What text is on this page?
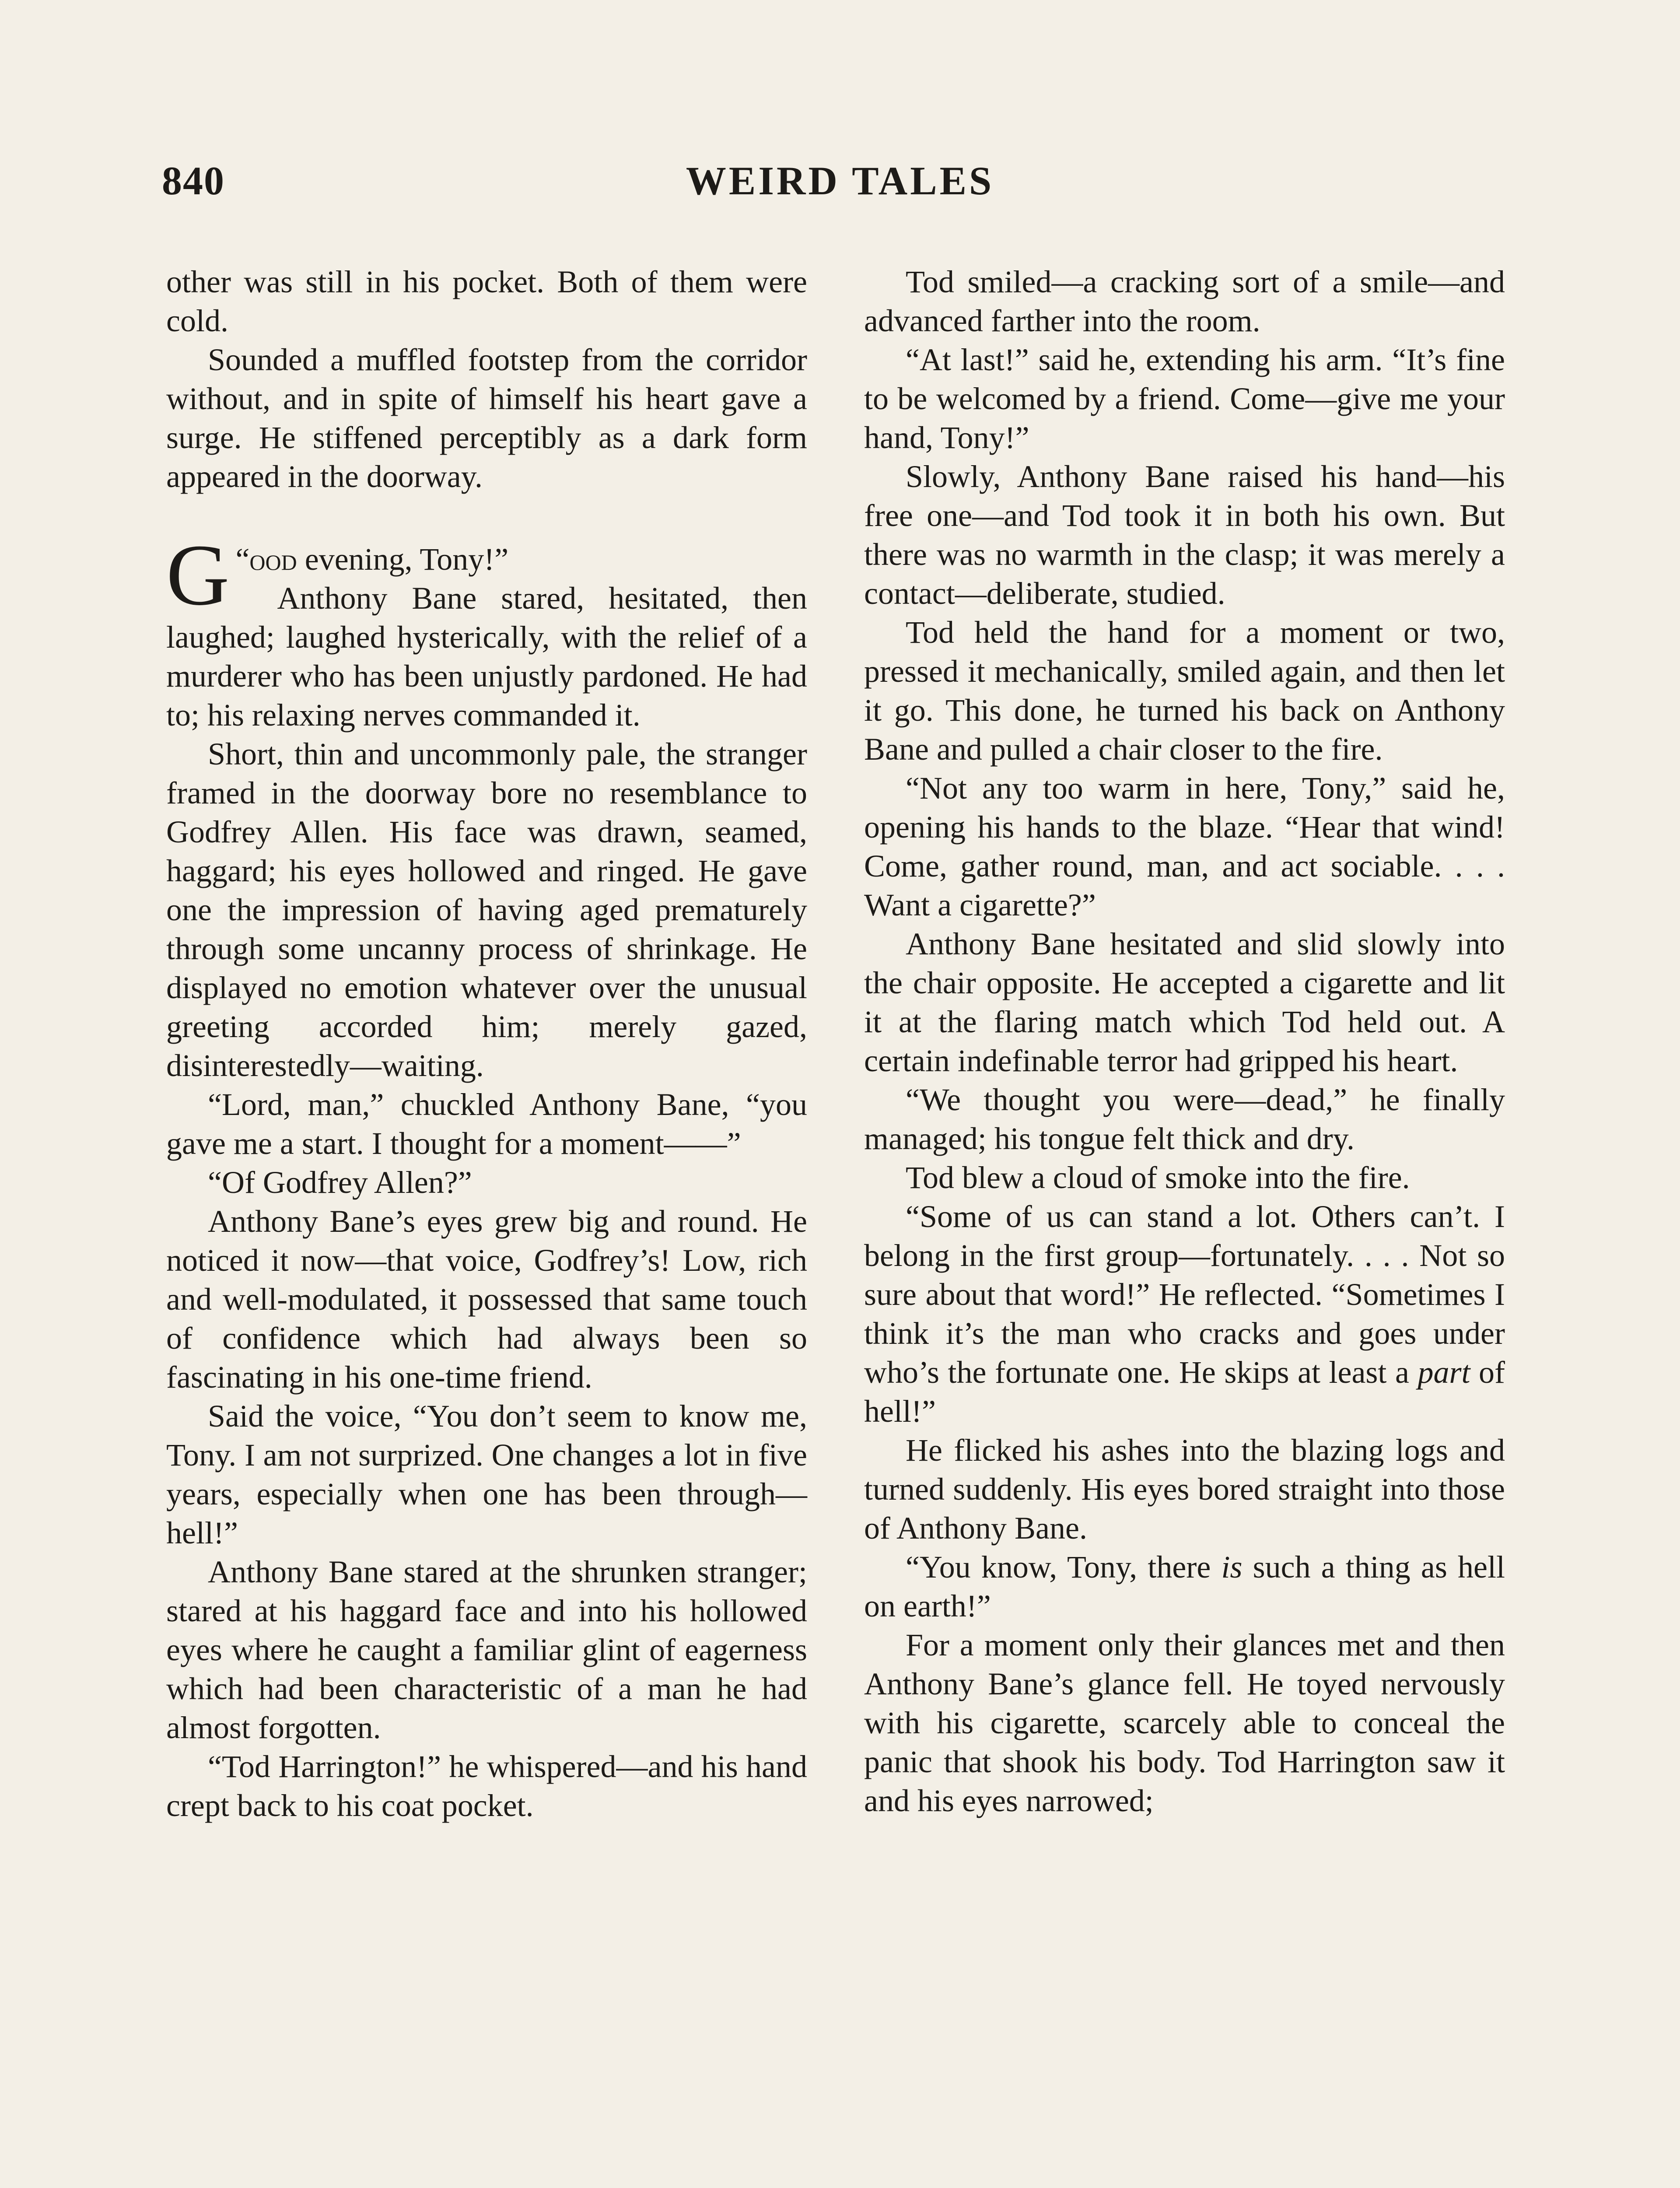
840	WEIRD TALES

other was still in his pocket. Both of them were cold.

Sounded a muffled footstep from the corridor without, and in spite of himself his heart gave a surge. He stiffened perceptibly as a dark form appeared in the doorway.

“
G ood evening, Tony!”

Anthony Bane stared, hesitated, then laughed; laughed hysterically, with the relief of a murderer who has been unjustly pardoned. He had to; his relaxing nerves commanded it.

Short, thin and uncommonly pale, the stranger framed in the doorway bore no resemblance to Godfrey Allen. His face was drawn, seamed, haggard; his eyes hollowed and ringed. He gave one the impression of having aged prematurely through some uncanny process of shrinkage. He displayed no emotion whatever over the unusual greeting accorded him; merely gazed, disinterestedly—waiting.

“Lord, man,” chuckled Anthony Bane, “you gave me a start. I thought for a moment——”

“Of Godfrey Allen?”

Anthony Bane’s eyes grew big and round. He noticed it now—that voice, Godfrey’s! Low, rich and well-modulated, it possessed that same touch of confidence which had always been so fascinating in his one-time friend.

Said the voice, “You don’t seem to know me, Tony. I am not surprized. One changes a lot in five years, especially when one has been through—hell!”

Anthony Bane stared at the shrunken stranger; stared at his haggard face and into his hollowed eyes where he caught a familiar glint of eagerness which had been characteristic of a man he had almost forgotten.

“Tod Harrington!” he whispered—and his hand crept back to his coat pocket.

Tod smiled—a cracking sort of a smile—and advanced farther into the room.

“At last!” said he, extending his arm. “It’s fine to be welcomed by a friend. Come—give me your hand, Tony!”

Slowly, Anthony Bane raised his hand—his free one—and Tod took it in both his own. But there was no warmth in the clasp; it was merely a contact—deliberate, studied.

Tod held the hand for a moment or two, pressed it mechanically, smiled again, and then let it go. This done, he turned his back on Anthony Bane and pulled a chair closer to the fire.

“Not any too warm in here, Tony,” said he, opening his hands to the blaze. “Hear that wind! Come, gather round, man, and act sociable. . . . Want a cigarette?”

Anthony Bane hesitated and slid slowly into the chair opposite. He accepted a cigarette and lit it at the flaring match which Tod held out. A certain indefinable terror had gripped his heart.

“We thought you were—dead,” he finally managed; his tongue felt thick and dry.

Tod blew a cloud of smoke into the fire.

“Some of us can stand a lot. Others can’t. I belong in the first group—fortunately. . . . Not so sure about that word!” He reflected. “Sometimes I think it’s the man who cracks and goes under who’s the fortunate one. He skips at least a part of hell!”

He flicked his ashes into the blazing logs and turned suddenly. His eyes bored straight into those of Anthony Bane.

“You know, Tony, there is such a thing as hell on earth!”

For a moment only their glances met and then Anthony Bane’s glance fell. He toyed nervously with his cigarette, scarcely able to conceal the panic that shook his body. Tod Harrington saw it and his eyes narrowed;
